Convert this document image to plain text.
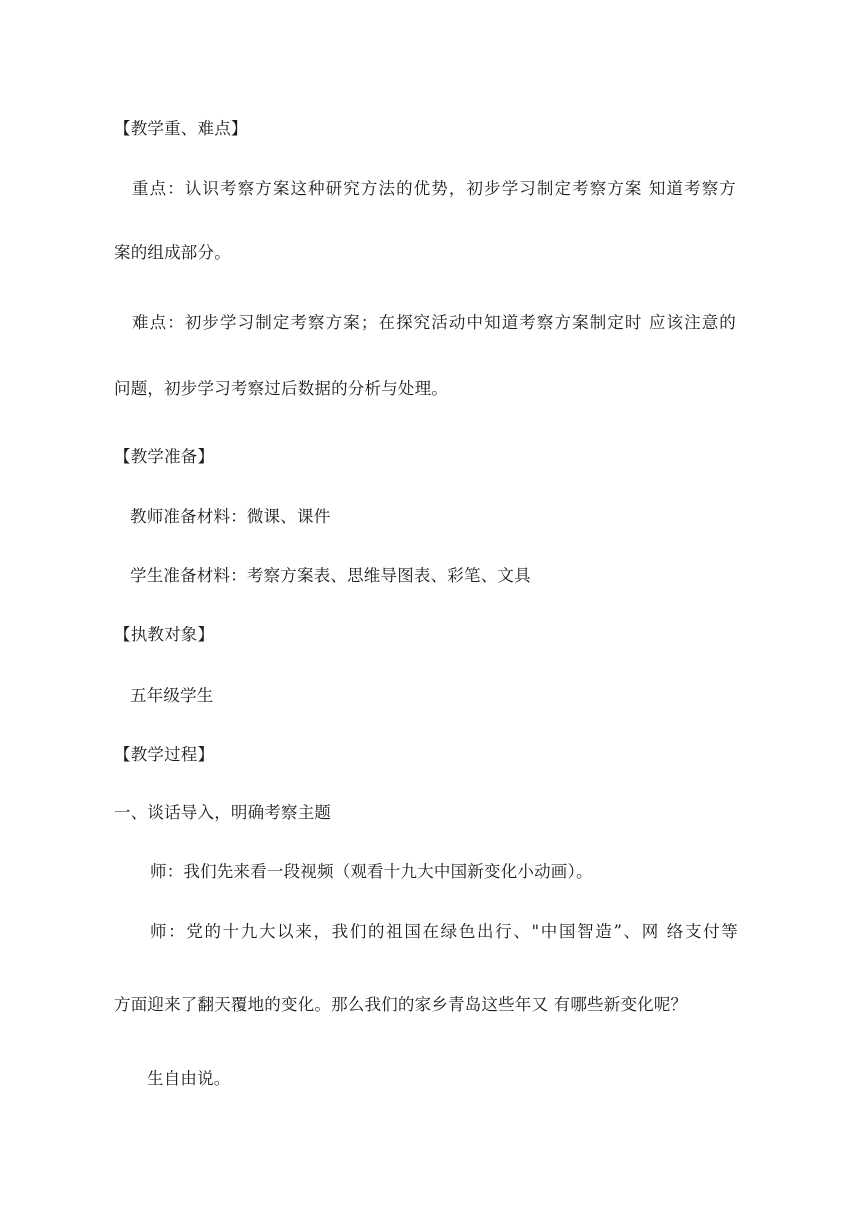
【教学重、难点】
重点：认识考察方案这种研究方法的优势，初步学习制定考察方案 知道考察方
案的组成部分。
难点：初步学习制定考察方案；在探究活动中知道考察方案制定时 应该注意的
问题，初步学习考察过后数据的分析与处理。
【教学准备】
教师准备材料：微课、课件
学生准备材料：考察方案表、思维导图表、彩笔、文具
【执教对象】
五年级学生
【教学过程】
一、谈话导入，明确考察主题
师：我们先来看一段视频（观看十九大中国新变化小动画）。
师：党的十九大以来，我们的祖国在绿色出行、"中国智造”、网 络支付等
方面迎来了翻天覆地的变化。那么我们的家乡青岛这些年又 有哪些新变化呢？
生自由说。
